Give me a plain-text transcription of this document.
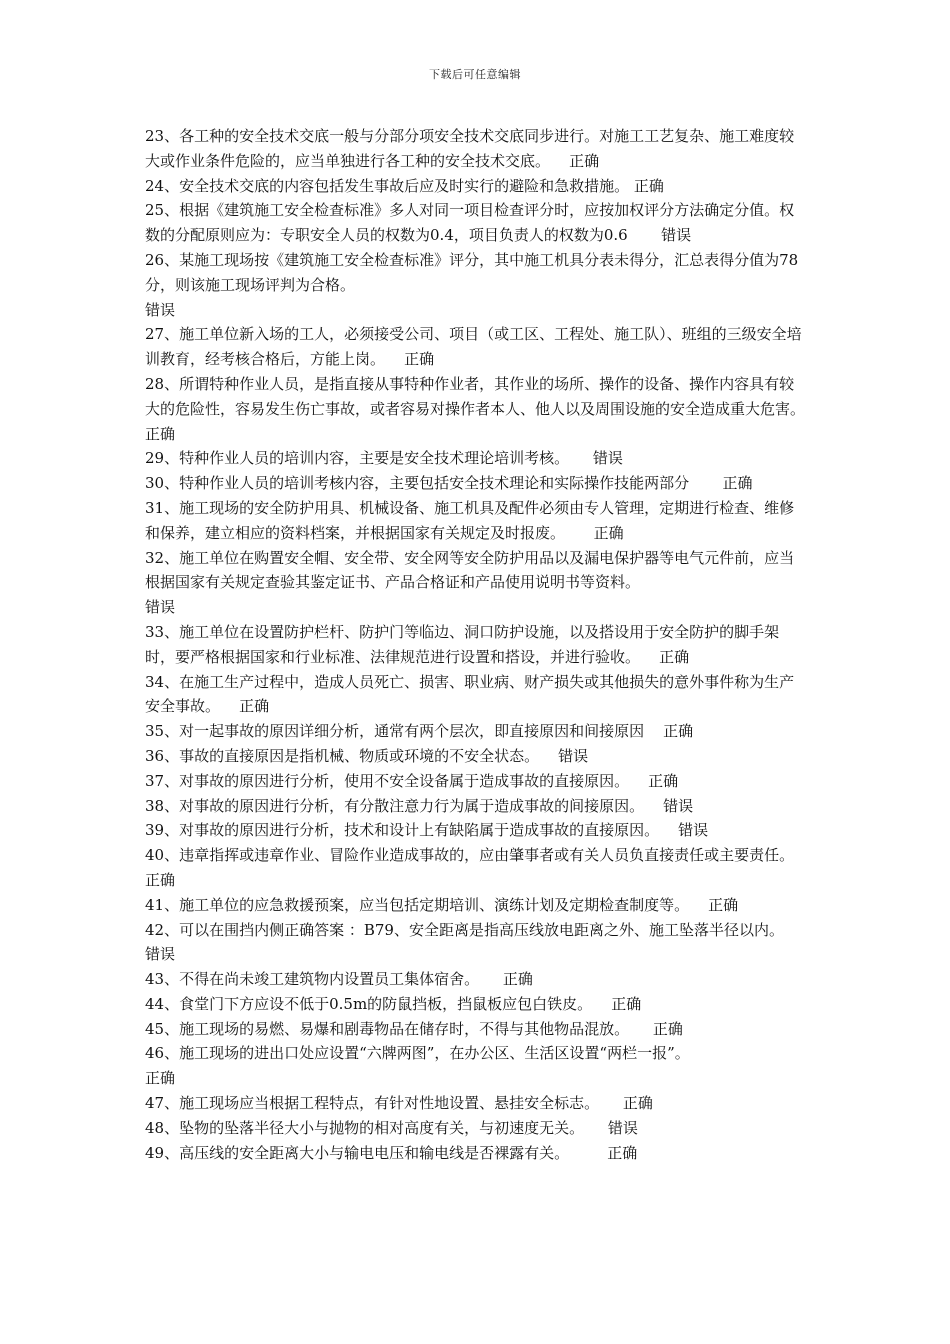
下载后可任意编辑

23、各工种的安全技术交底一般与分部分项安全技术交底同步进行。对施工工艺复杂、施工难度较大或作业条件危险的，应当单独进行各工种的安全技术交底。    正确

24、安全技术交底的内容包括发生事故后应及时实行的避险和急救措施。 正确

25、根据《建筑施工安全检查标准》多人对同一项目检查评分时，应按加权评分方法确定分值。权数的分配原则应为：专职安全人员的权数为0.4，项目负责人的权数为0.6       错误

26、某施工现场按《建筑施工安全检查标准》评分，其中施工机具分表未得分，汇总表得分值为78分，则该施工现场评判为合格。
错误

27、施工单位新入场的工人，必须接受公司、项目（或工区、工程处、施工队）、班组的三级安全培训教育，经考核合格后，方能上岗。    正确

28、所谓特种作业人员，是指直接从事特种作业者，其作业的场所、操作的设备、操作内容具有较大的危险性，容易发生伤亡事故，或者容易对操作者本人、他人以及周围设施的安全造成重大危害。    正确

29、特种作业人员的培训内容，主要是安全技术理论培训考核。     错误

30、特种作业人员的培训考核内容，主要包括安全技术理论和实际操作技能两部分       正确

31、施工现场的安全防护用具、机械设备、施工机具及配件必须由专人管理，定期进行检查、维修和保养，建立相应的资料档案，并根据国家有关规定及时报废。      正确

32、施工单位在购置安全帽、安全带、安全网等安全防护用品以及漏电保护器等电气元件前，应当根据国家有关规定查验其鉴定证书、产品合格证和产品使用说明书等资料。
错误

33、施工单位在设置防护栏杆、防护门等临边、洞口防护设施，以及搭设用于安全防护的脚手架时，要严格根据国家和行业标准、法律规范进行设置和搭设，并进行验收。    正确

34、在施工生产过程中，造成人员死亡、损害、职业病、财产损失或其他损失的意外事件称为生产安全事故。    正确

35、对一起事故的原因详细分析，通常有两个层次，即直接原因和间接原因    正确

36、事故的直接原因是指机械、物质或环境的不安全状态。    错误

37、对事故的原因进行分析，使用不安全设备属于造成事故的直接原因。    正确

38、对事故的原因进行分析，有分散注意力行为属于造成事故的间接原因。    错误

39、对事故的原因进行分析，技术和设计上有缺陷属于造成事故的直接原因。    错误

40、违章指挥或违章作业、冒险作业造成事故的，应由肇事者或有关人员负直接责任或主要责任。    正确

41、施工单位的应急救援预案，应当包括定期培训、演练计划及定期检查制度等。    正确

42、可以在围挡内侧正确答案 ：B79、安全距离是指高压线放电距离之外、施工坠落半径以内。    错误

43、不得在尚未竣工建筑物内设置员工集体宿舍。     正确

44、食堂门下方应设不低于0.5m的防鼠挡板，挡鼠板应包白铁皮。    正确

45、施工现场的易燃、易爆和剧毒物品在储存时，不得与其他物品混放。     正确

46、施工现场的进出口处应设置“六牌两图”，在办公区、生活区设置“两栏一报”。
正确

47、施工现场应当根据工程特点，有针对性地设置、悬挂安全标志。     正确

48、坠物的坠落半径大小与抛物的相对高度有关，与初速度无关。     错误

49、高压线的安全距离大小与输电电压和输电线是否裸露有关。        正确
